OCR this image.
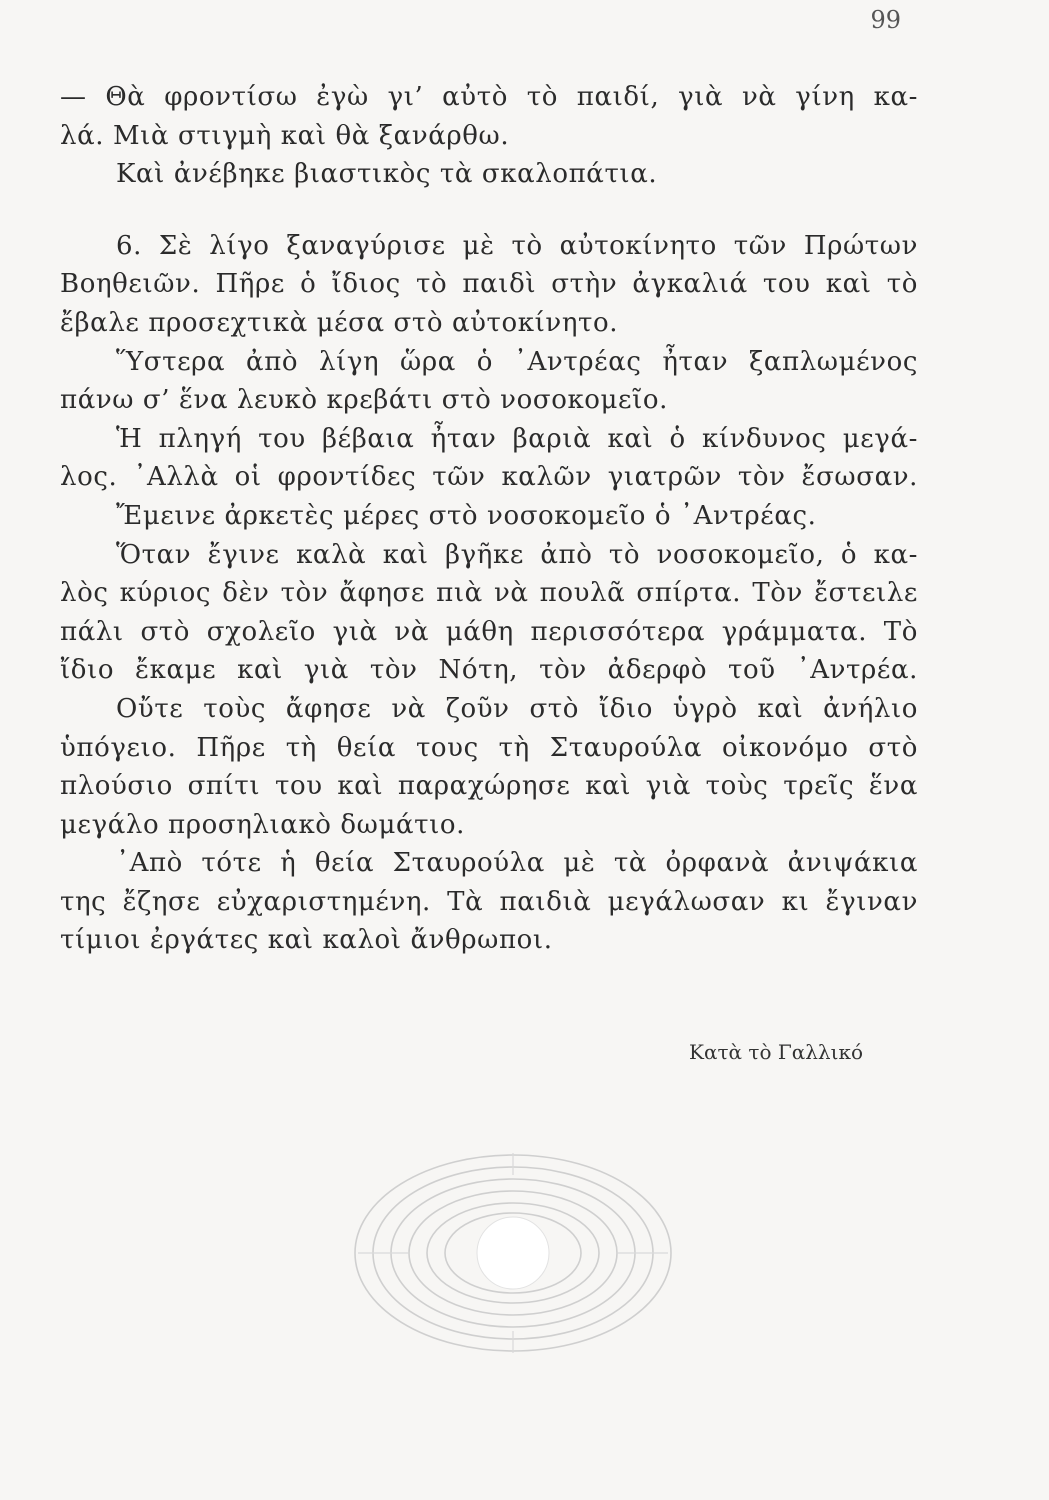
99
— Θὰ φροντίσω ἐγὼ γι’ αὐτὸ τὸ παιδί, γιὰ νὰ γίνη κα-
λά. Μιὰ στιγμὴ καὶ θὰ ξανάρθω.
Καὶ ἀνέβηκε βιαστικὸς τὰ σκαλοπάτια.
6. Σὲ λίγο ξαναγύρισε μὲ τὸ αὐτοκίνητο τῶν Πρώτων
Βοηθειῶν. Πῆρε ὁ ἴδιος τὸ παιδὶ στὴν ἀγκαλιά του καὶ τὸ
ἔβαλε προσεχτικὰ μέσα στὸ αὐτοκίνητο.
Ὕστερα ἀπὸ λίγη ὥρα ὁ ᾿Αντρέας ἦταν ξαπλωμένος
πάνω σ’ ἕνα λευκὸ κρεβάτι στὸ νοσοκομεῖο.
Ἡ πληγή του βέβαια ἦταν βαριὰ καὶ ὁ κίνδυνος μεγά-
λος. ᾿Αλλὰ οἱ φροντίδες τῶν καλῶν γιατρῶν τὸν ἔσωσαν.
Ἔμεινε ἀρκετὲς μέρες στὸ νοσοκομεῖο ὁ ᾿Αντρέας.
Ὅταν ἔγινε καλὰ καὶ βγῆκε ἀπὸ τὸ νοσοκομεῖο, ὁ κα-
λὸς κύριος δὲν τὸν ἄφησε πιὰ νὰ πουλᾶ σπίρτα. Τὸν ἔστειλε
πάλι στὸ σχολεῖο γιὰ νὰ μάθη περισσότερα γράμματα. Τὸ
ἴδιο ἔκαμε καὶ γιὰ τὸν Νότη, τὸν ἀδερφὸ τοῦ ᾿Αντρέα.
Οὔτε τοὺς ἄφησε νὰ ζοῦν στὸ ἴδιο ὑγρὸ καὶ ἀνήλιο
ὑπόγειο. Πῆρε τὴ θεία τους τὴ Σταυρούλα οἰκονόμο στὸ
πλούσιο σπίτι του καὶ παραχώρησε καὶ γιὰ τοὺς τρεῖς ἕνα
μεγάλο προσηλιακὸ δωμάτιο.
᾿Απὸ τότε ἡ θεία Σταυρούλα μὲ τὰ ὀρφανὰ ἀνιψάκια
της ἔζησε εὐχαριστημένη. Τὰ παιδιὰ μεγάλωσαν κι ἔγιναν
τίμιοι ἐργάτες καὶ καλοὶ ἄνθρωποι.
Κατὰ τὸ Γαλλικό
